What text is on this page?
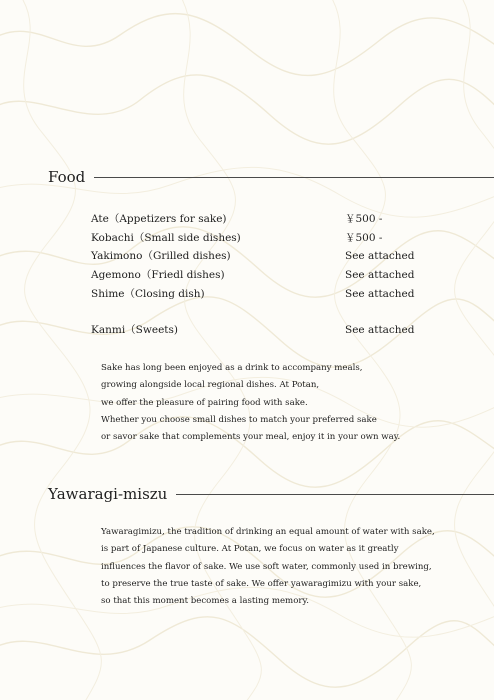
Food
Ate（Appetizers for sake)	￥500 -
Kobachi（Small side dishes)	￥500 -
Yakimono（Grilled dishes)	See attached
Agemono（Friedl dishes)	See attached
Shime（Closing dish)	See attached
Kanmi（Sweets)	See attached
Sake has long been enjoyed as a drink to accompany meals,
growing alongside local regional dishes. At Potan,
we offer the pleasure of pairing food with sake.
Whether you choose small dishes to match your preferred sake
or savor sake that complements your meal, enjoy it in your own way.
Yawaragi-miszu
Yawaragimizu, the tradition of drinking an equal amount of water with sake,
is part of Japanese culture. At Potan, we focus on water as it greatly
influences the flavor of sake. We use soft water, commonly used in brewing,
to preserve the true taste of sake. We offer yawaragimizu with your sake,
so that this moment becomes a lasting memory.
